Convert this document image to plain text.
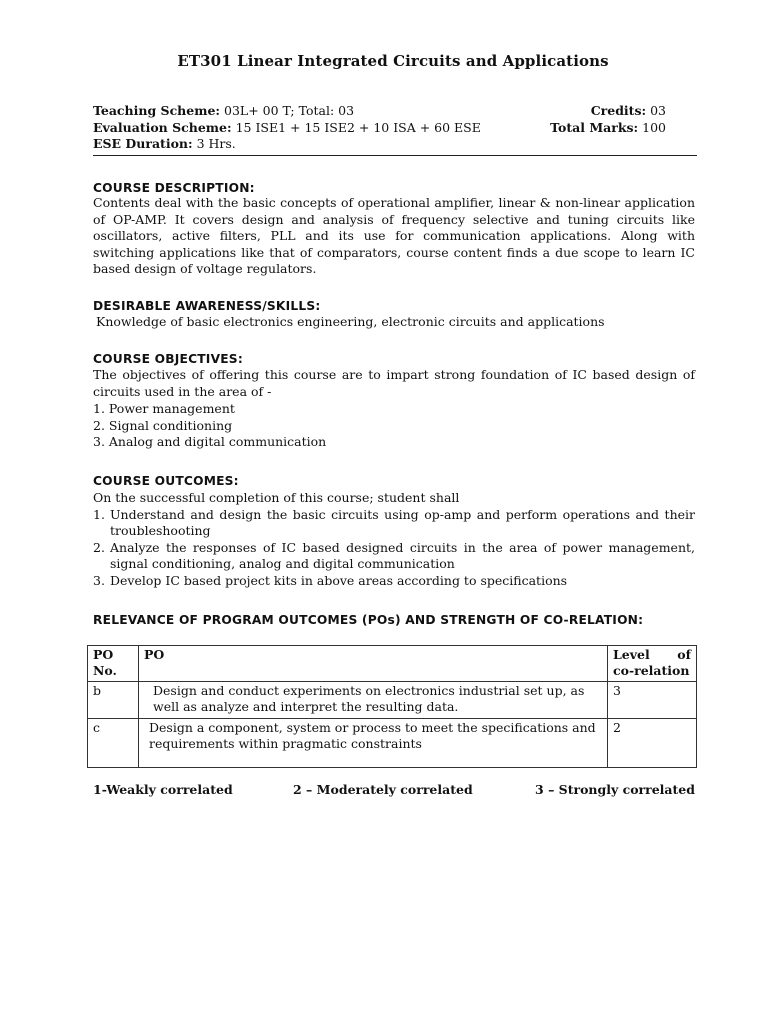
ET301 Linear Integrated Circuits and Applications
Teaching Scheme: 03L+ 00 T; Total: 03	Credits: 03
Evaluation Scheme: 15 ISE1 + 15 ISE2 + 10 ISA + 60 ESE	Total Marks: 100
ESE Duration: 3 Hrs.
COURSE DESCRIPTION:

Contents deal with the basic concepts of operational amplifier, linear & non-linear application of OP-AMP. It covers design and analysis of frequency selective and tuning circuits like oscillators, active filters, PLL and its use for communication applications. Along with switching applications like that of comparators, course content finds a due scope to learn IC based design of voltage regulators.

DESIRABLE AWARENESS/SKILLS:
Knowledge of basic electronics engineering, electronic circuits and applications
COURSE OBJECTIVES:

The objectives of offering this course are to impart strong foundation of IC based design of circuits used in the area of -

1. Power management
2. Signal conditioning
3. Analog and digital communication
COURSE OUTCOMES:
On the successful completion of this course; student shall
1. Understand and design the basic circuits using op-amp and perform operations and their troubleshooting
2. Analyze the responses of IC based designed circuits in the area of power management, signal conditioning, analog and digital communication
3. Develop IC based project kits in above areas according to specifications
RELEVANCE OF PROGRAM OUTCOMES (POs) AND STRENGTH OF CO-RELATION:
PO No.	PO	Level of co-relation
b	Design and conduct experiments on electronics industrial set up, as well as analyze and interpret the resulting data.	3
c	Design a component, system or process to meet the specifications and requirements within pragmatic constraints	2
1-Weakly correlated	2 – Moderately correlated	3 – Strongly correlated
